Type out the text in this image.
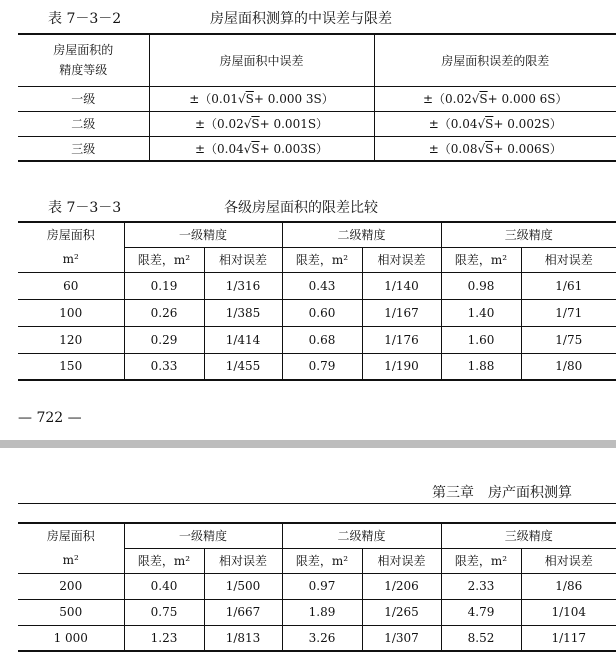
表 7－3－2	房屋面积测算的中误差与限差
房屋面积的
精度等级	房屋面积中误差	房屋面积误差的限差
一级	±（0.01√S+ 0.000 3S）	±（0.02√S+ 0.000 6S）
二级	±（0.02√S+ 0.001S）	±（0.04√S+ 0.002S）
三级	±（0.04√S+ 0.003S）	±（0.08√S+ 0.006S）
表 7－3－3	各级房屋面积的限差比较
房屋面积
m²	一级精度		二级精度		三级精度	
	限差，m²	相对误差	限差，m²	相对误差	限差，m²	相对误差
60	0.19	1/316	0.43	1/140	0.98	1/61
100	0.26	1/385	0.60	1/167	1.40	1/71
120	0.29	1/414	0.68	1/176	1.60	1/75
150	0.33	1/455	0.79	1/190	1.88	1/80
— 722 —
第三章　房产面积测算
房屋面积
m²	一级精度		二级精度		三级精度	
	限差，m²	相对误差	限差，m²	相对误差	限差，m²	相对误差
200	0.40	1/500	0.97	1/206	2.33	1/86
500	0.75	1/667	1.89	1/265	4.79	1/104
1 000	1.23	1/813	3.26	1/307	8.52	1/117
